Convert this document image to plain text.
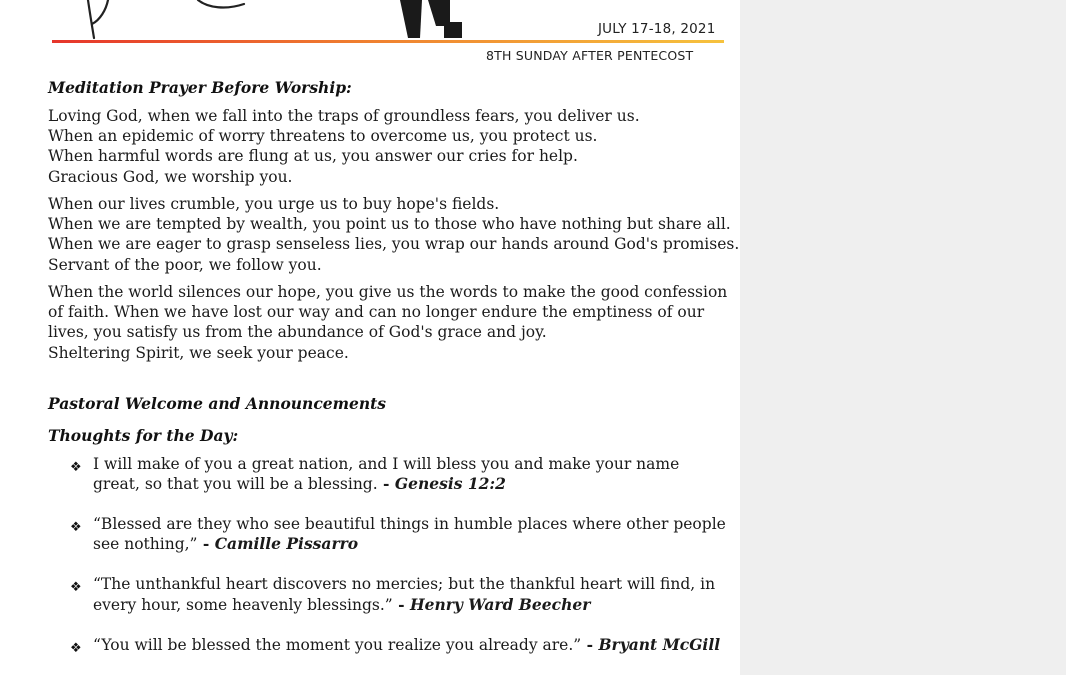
JULY 17-18, 2021
8TH SUNDAY AFTER PENTECOST
Meditation Prayer Before Worship:
Loving God, when we fall into the traps of groundless fears, you deliver us.
When an epidemic of worry threatens to overcome us, you protect us.
When harmful words are flung at us, you answer our cries for help.
Gracious God, we worship you.
When our lives crumble, you urge us to buy hope's fields.
When we are tempted by wealth, you point us to those who have nothing but share all.
When we are eager to grasp senseless lies, you wrap our hands around God's promises.
Servant of the poor, we follow you.
When the world silences our hope, you give us the words to make the good confession
of faith. When we have lost our way and can no longer endure the emptiness of our
lives, you satisfy us from the abundance of God's grace and joy.
Sheltering Spirit, we seek your peace.
Pastoral Welcome and Announcements
Thoughts for the Day:
❖ I will make of you a great nation, and I will bless you and make your name great, so that you will be a blessing. - Genesis 12:2
❖ “Blessed are they who see beautiful things in humble places where other people see nothing,” - Camille Pissarro
❖ “The unthankful heart discovers no mercies; but the thankful heart will find, in every hour, some heavenly blessings.” - Henry Ward Beecher
❖ “You will be blessed the moment you realize you already are.” - Bryant McGill
